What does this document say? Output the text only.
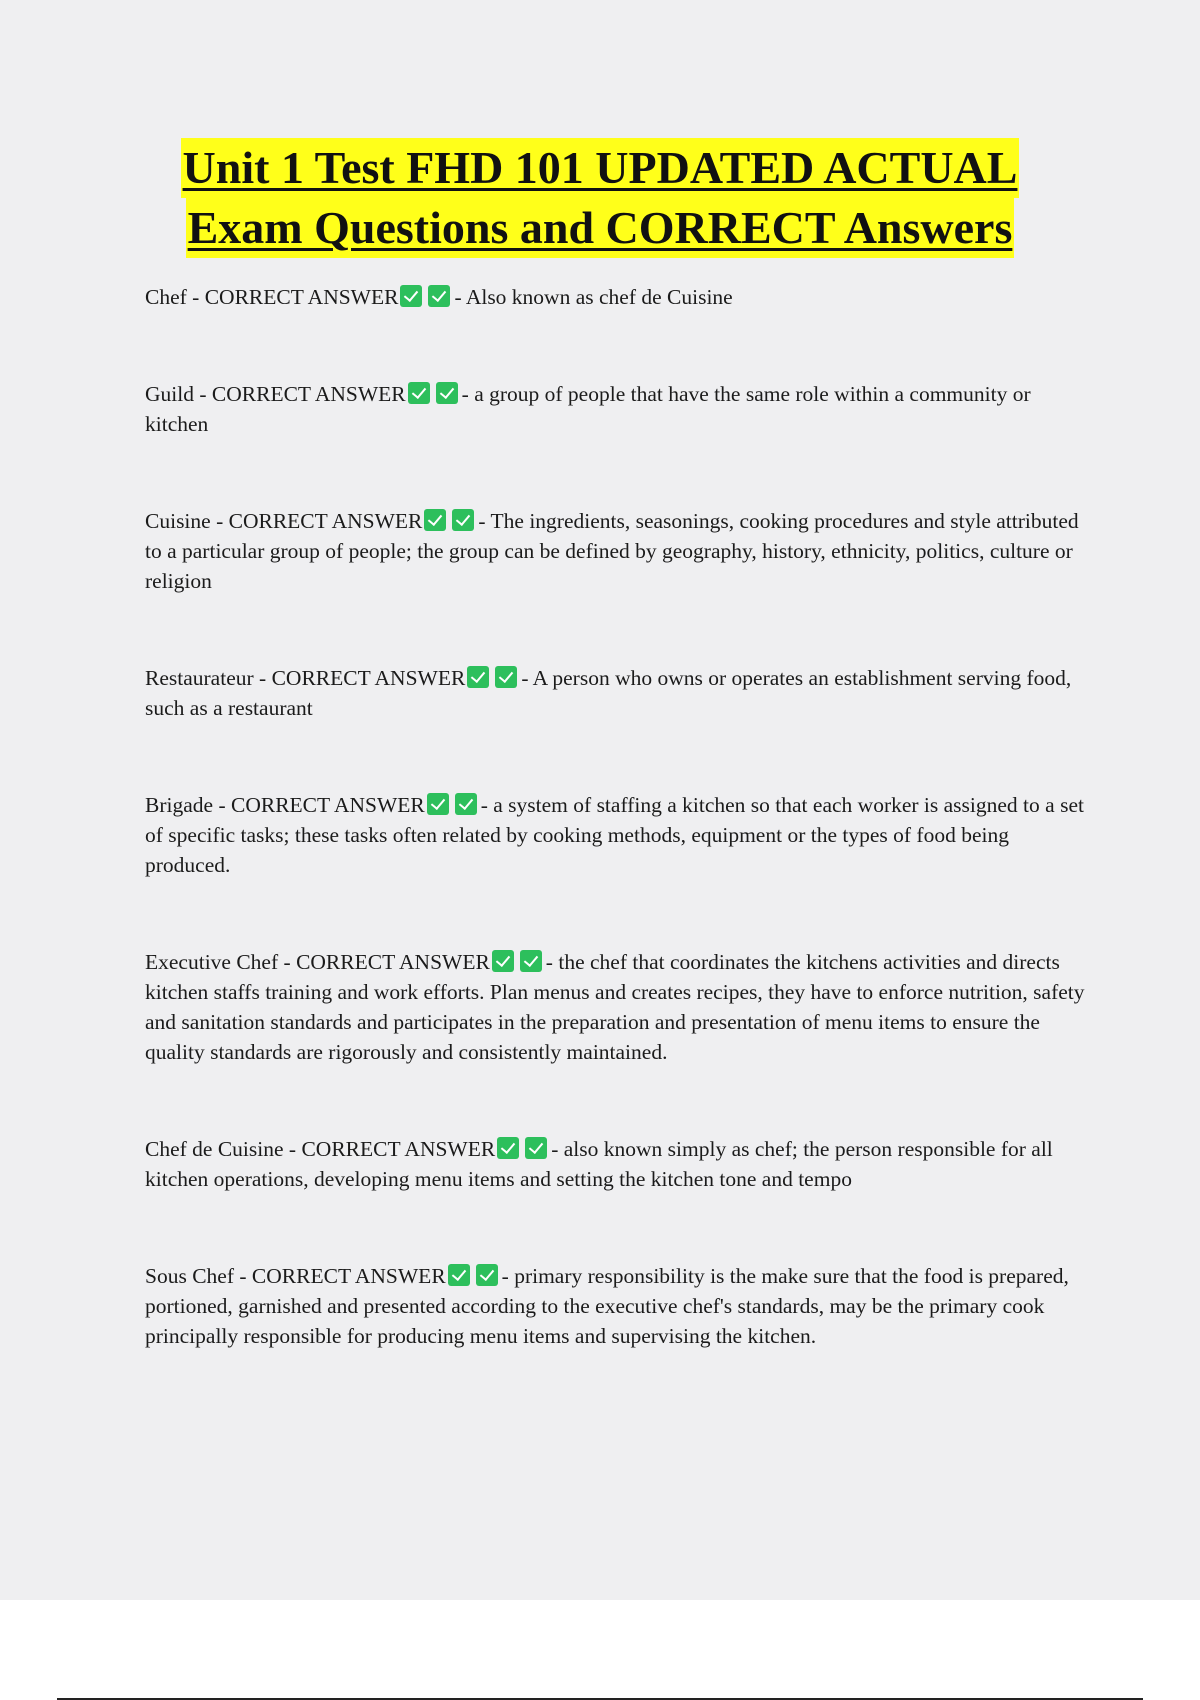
Unit 1 Test FHD 101 UPDATED ACTUAL
Exam Questions and CORRECT Answers

Chef - CORRECT ANSWER	- Also known as chef de Cuisine

Guild - CORRECT ANSWER	- a group of people that have the same role within a community or kitchen

Cuisine - CORRECT ANSWER	- The ingredients, seasonings, cooking procedures and style attributed to a particular group of people; the group can be defined by geography, history, ethnicity, politics, culture or religion

Restaurateur - CORRECT ANSWER	- A person who owns or operates an establishment serving food, such as a restaurant

Brigade - CORRECT ANSWER	- a system of staffing a kitchen so that each worker is assigned to a set of specific tasks; these tasks often related by cooking methods, equipment or the types of food being produced.

Executive Chef - CORRECT ANSWER	- the chef that coordinates the kitchens activities and directs kitchen staffs training and work efforts. Plan menus and creates recipes, they have to enforce nutrition, safety and sanitation standards and participates in the preparation and presentation of menu items to ensure the quality standards are rigorously and consistently maintained.

Chef de Cuisine - CORRECT ANSWER	- also known simply as chef; the person responsible for all kitchen operations, developing menu items and setting the kitchen tone and tempo

Sous Chef - CORRECT ANSWER	- primary responsibility is the make sure that the food is prepared, portioned, garnished and presented according to the executive chef's standards, may be the primary cook principally responsible for producing menu items and supervising the kitchen.
